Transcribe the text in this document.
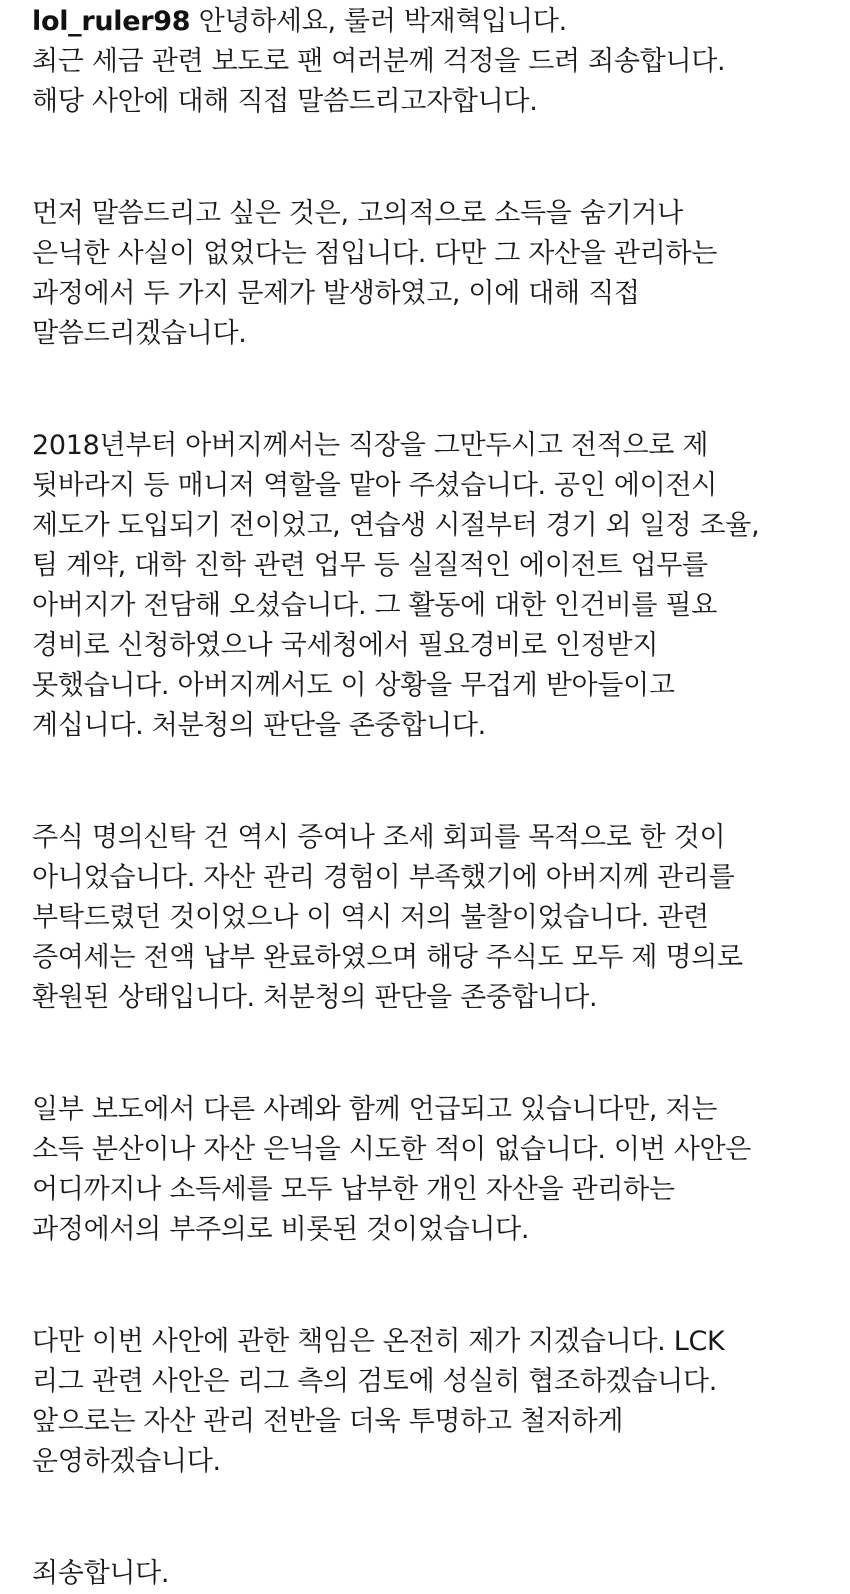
lol_ruler98 안녕하세요, 룰러 박재혁입니다.
최근 세금 관련 보도로 팬 여러분께 걱정을 드려 죄송합니다.
해당 사안에 대해 직접 말씀드리고자합니다.
먼저 말씀드리고 싶은 것은, 고의적으로 소득을 숨기거나
은닉한 사실이 없었다는 점입니다. 다만 그 자산을 관리하는
과정에서 두 가지 문제가 발생하였고, 이에 대해 직접
말씀드리겠습니다.
2018년부터 아버지께서는 직장을 그만두시고 전적으로 제
뒷바라지 등 매니저 역할을 맡아 주셨습니다. 공인 에이전시
제도가 도입되기 전이었고, 연습생 시절부터 경기 외 일정 조율,
팀 계약, 대학 진학 관련 업무 등 실질적인 에이전트 업무를
아버지가 전담해 오셨습니다. 그 활동에 대한 인건비를 필요
경비로 신청하였으나 국세청에서 필요경비로 인정받지
못했습니다. 아버지께서도 이 상황을 무겁게 받아들이고
계십니다. 처분청의 판단을 존중합니다.
주식 명의신탁 건 역시 증여나 조세 회피를 목적으로 한 것이
아니었습니다. 자산 관리 경험이 부족했기에 아버지께 관리를
부탁드렸던 것이었으나 이 역시 저의 불찰이었습니다. 관련
증여세는 전액 납부 완료하였으며 해당 주식도 모두 제 명의로
환원된 상태입니다. 처분청의 판단을 존중합니다.
일부 보도에서 다른 사례와 함께 언급되고 있습니다만, 저는
소득 분산이나 자산 은닉을 시도한 적이 없습니다. 이번 사안은
어디까지나 소득세를 모두 납부한 개인 자산을 관리하는
과정에서의 부주의로 비롯된 것이었습니다.
다만 이번 사안에 관한 책임은 온전히 제가 지겠습니다. LCK
리그 관련 사안은 리그 측의 검토에 성실히 협조하겠습니다.
앞으로는 자산 관리 전반을 더욱 투명하고 철저하게
운영하겠습니다.
죄송합니다.
